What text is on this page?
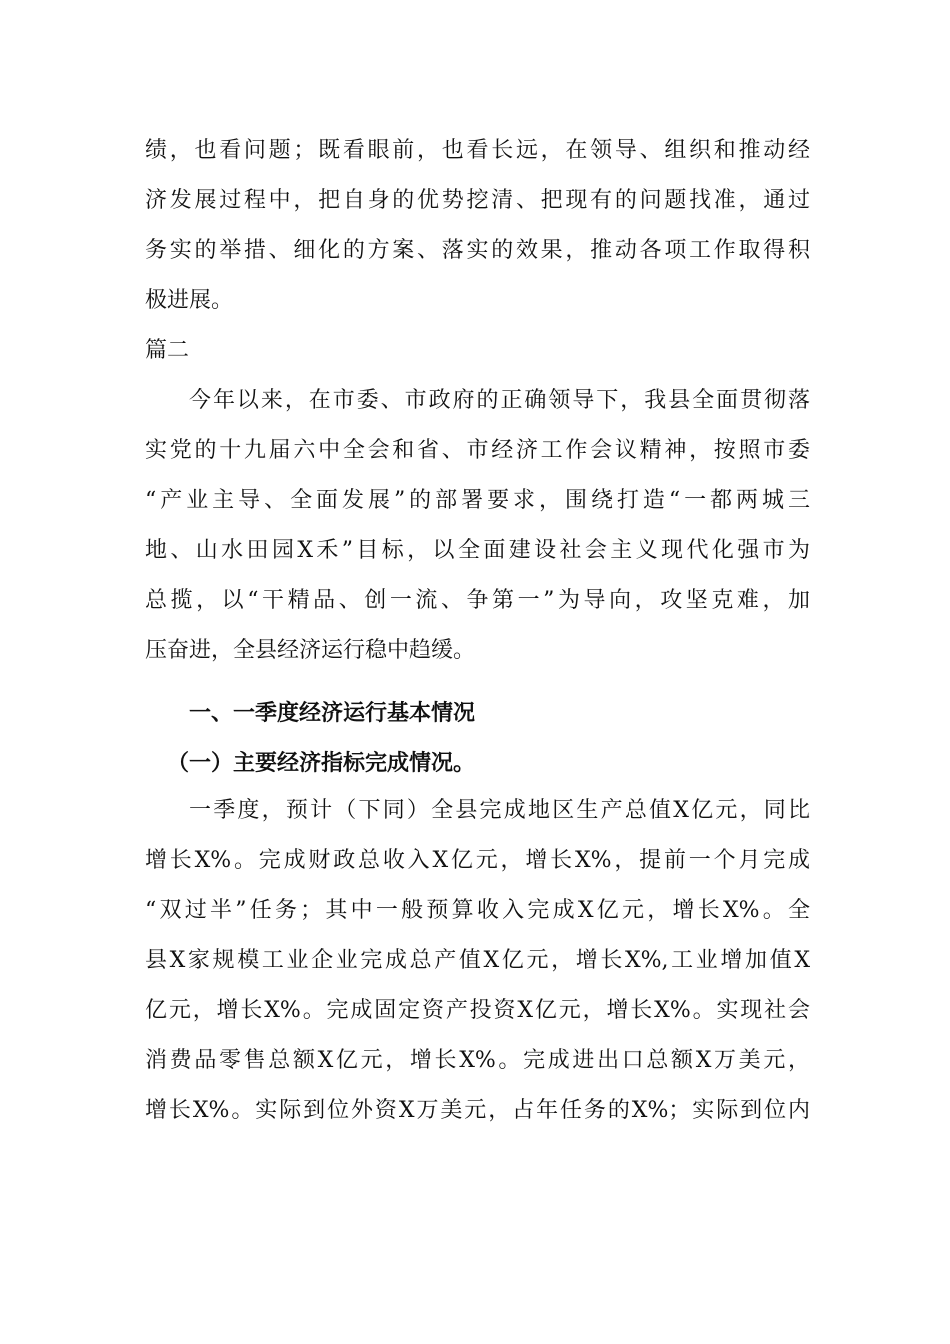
绩，也看问题；既看眼前，也看长远，在领导、组织和推动经
济发展过程中，把自身的优势挖清、把现有的问题找准，通过
务实的举措、细化的方案、落实的效果，推动各项工作取得积
极进展。
篇二
今年以来，在市委、市政府的正确领导下，我县全面贯彻落
实党的十九届六中全会和省、市经济工作会议精神，按照市委
“产业主导、全面发展”的部署要求，围绕打造“一都两城三
地、山水田园X禾”目标，以全面建设社会主义现代化强市为
总揽，以“干精品、创一流、争第一”为导向，攻坚克难，加
压奋进，全县经济运行稳中趋缓。
一、一季度经济运行基本情况
（一）主要经济指标完成情况。
一季度，预计（下同）全县完成地区生产总值X亿元，同比
增长X%。完成财政总收入X亿元，增长X%，提前一个月完成
“双过半”任务；其中一般预算收入完成X亿元，增长X%。全
县X家规模工业企业完成总产值X亿元，增长X%,工业增加值X
亿元，增长X%。完成固定资产投资X亿元，增长X%。实现社会
消费品零售总额X亿元，增长X%。完成进出口总额X万美元，
增长X%。实际到位外资X万美元，占年任务的X%；实际到位内
